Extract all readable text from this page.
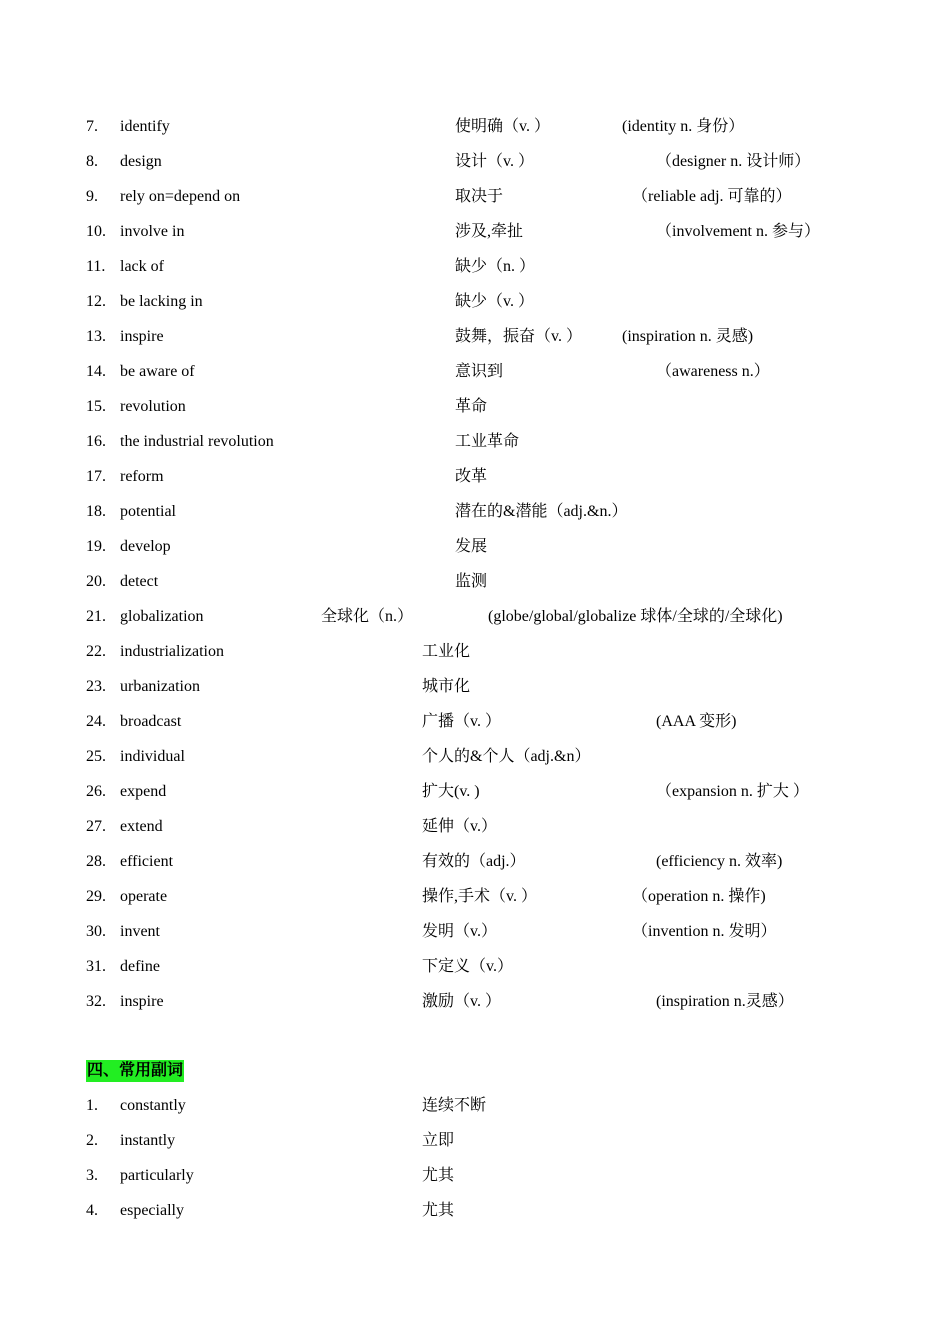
7. identify	使明确（v. ）	(identity n. 身份）
8. design	设计（v. ）	（designer n. 设计师）
9. rely on=depend on	取决于	（reliable adj. 可靠的）
10. involve in	涉及,牵扯	（involvement n. 参与）
11. lack of	缺少（n. ）
12. be lacking in	缺少（v. ）
13. inspire	鼓舞，振奋（v. ）	(inspiration n. 灵感)
14. be aware of	意识到	（awareness n.）
15. revolution	革命
16. the industrial revolution	工业革命
17. reform	改革
18. potential	潜在的&潜能（adj.&n.）
19. develop	发展
20. detect	监测
21. globalization	全球化（n.）	(globe/global/globalize 球体/全球的/全球化)
22. industrialization	工业化
23. urbanization	城市化
24. broadcast	广播（v. ）	(AAA 变形)
25. individual	个人的&个人（adj.&n）
26. expend	扩大(v. )	（expansion n. 扩大 ）
27. extend	延伸（v.）
28. efficient	有效的（adj.）	(efficiency n. 效率)
29. operate	操作,手术（v. ）	（operation n. 操作)
30. invent	发明（v.）	（invention n. 发明）
31. define	下定义（v.）
32. inspire	激励（v. ）	(inspiration n.灵感）
四、常用副词
1. constantly	连续不断
2. instantly	立即
3. particularly	尤其
4. especially	尤其
